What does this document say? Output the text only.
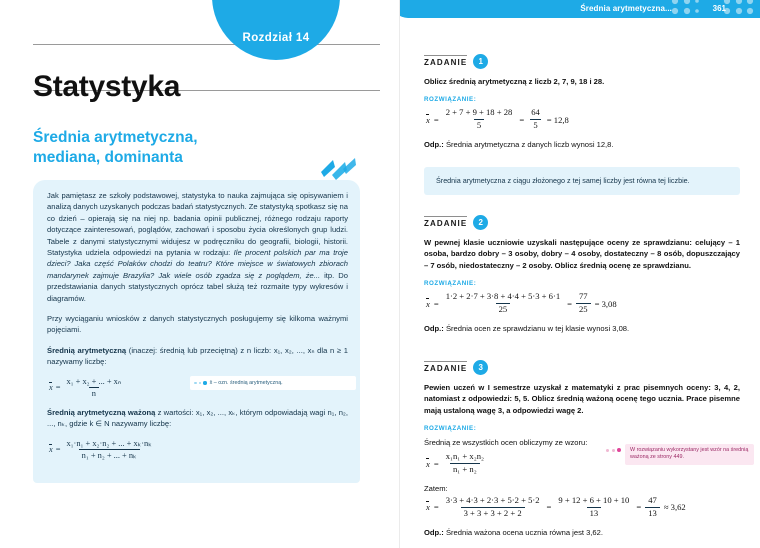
Rozdział 14
Statystyka
Średnia arytmetyczna,
mediana, dominanta

Jak pamiętasz ze szkoły podstawowej, statystyka to nauka zajmująca się opisywaniem i analizą danych uzyskanych podczas badań statystycznych. Ze statystyką spotkasz się na co dzień – opierają się na niej np. badania opinii publicznej, różnego rodzaju raporty dotyczące zainteresowań, poglądów, zachowań i sposobu życia określonych grup ludzi. Tabele z danymi statystycznymi widujesz w podręczniku do geografii, biologii, historii. Statystyka udziela odpowiedzi na pytania w rodzaju: Ile procent polskich par ma troje dzieci? Jaka część Polaków chodzi do teatru? Które miejsce w światowych zbiorach mandarynek zajmuje Brazylia? Jak wiele osób zgadza się z poglądem, że... itp. Do przedstawiania danych statystycznych oprócz tabel służą też rozmaite typy wykresów i diagramów.

Przy wyciąganiu wniosków z danych statystycznych posługujemy się kilkoma ważnymi pojęciami.

Średnią arytmetyczną (inaczej: średnią lub przeciętną) z n liczb: x₁, x₂, ..., xₙ dla n ≥ 1 nazywamy liczbę:

$x = \frac{\text{x₁ + x₂ + ... + xₙ}}{n}$

Średnią arytmetyczną ważoną z wartości: x₁, x₂, ..., xₖ, którym odpowiadają wagi n₁, n₂, ..., nₖ, gdzie k ∈ N nazywamy liczbę:

$x = \frac{\text{x₁·n₁ + x₂·n₂ + ... + xₖ·nₖ}}{\text{n₁ + n₂ + ... + nₖ}}$
x̄ – ozn. średnią arytmetyczną.
Średnia arytmetyczna...	361
ZADANIE	1
Oblicz średnią arytmetyczną z liczb 2, 7, 9, 18 i 28.
ROZWIĄZANIE:
$x = \frac{2 + 7 + 9 + 18 + 28}{5} = \frac{64}{5} = 12,8$
Odp.: Średnia arytmetyczna z danych liczb wynosi 12,8.
Średnia arytmetyczna z ciągu złożonego z tej samej liczby jest równa tej liczbie.
ZADANIE	2
W pewnej klasie uczniowie uzyskali następujące oceny ze sprawdzianu: celujący – 1 osoba, bardzo dobry – 3 osoby, dobry – 4 osoby, dostateczny – 8 osób, dopuszczający – 7 osób, niedostateczny – 2 osoby. Oblicz średnią ocenę ze sprawdzianu.
ROZWIĄZANIE:
$x = \frac{1\cdot 2 + 2\cdot 7 + 3\cdot 8 + 4\cdot 4 + 5\cdot 3 + 6\cdot 1}{25} = \frac{77}{25} = 3,08$
Odp.: Średnia ocen ze sprawdzianu w tej klasie wynosi 3,08.
ZADANIE	3
Pewien uczeń w I semestrze uzyskał z matematyki z prac pisemnych oceny: 3, 4, 2, natomiast z odpowiedzi: 5, 5. Oblicz średnią ważoną ocenę tego ucznia. Prace pisemne mają ustaloną wagę 3, a odpowiedzi wagę 2.
ROZWIĄZANIE:
Średnią ze wszystkich ocen obliczymy ze wzoru:
$x = \frac{\text{x₁n₁ + x₂n₂}}{\text{n₁ + n₂}}$
Zatem:
$x = \frac{3\cdot 3 + 4\cdot 3 + 2\cdot 3 + 5\cdot 2 + 5\cdot 2}{3 + 3 + 3 + 2 + 2} = \frac{9 + 12 + 6 + 10 + 10}{13} = \frac{47}{13} \approx 3,62$
Odp.: Średnia ważona ocena ucznia równa jest 3,62.
W rozwiązaniu wykorzystany jest wzór na średnią ważoną ze strony 449.
